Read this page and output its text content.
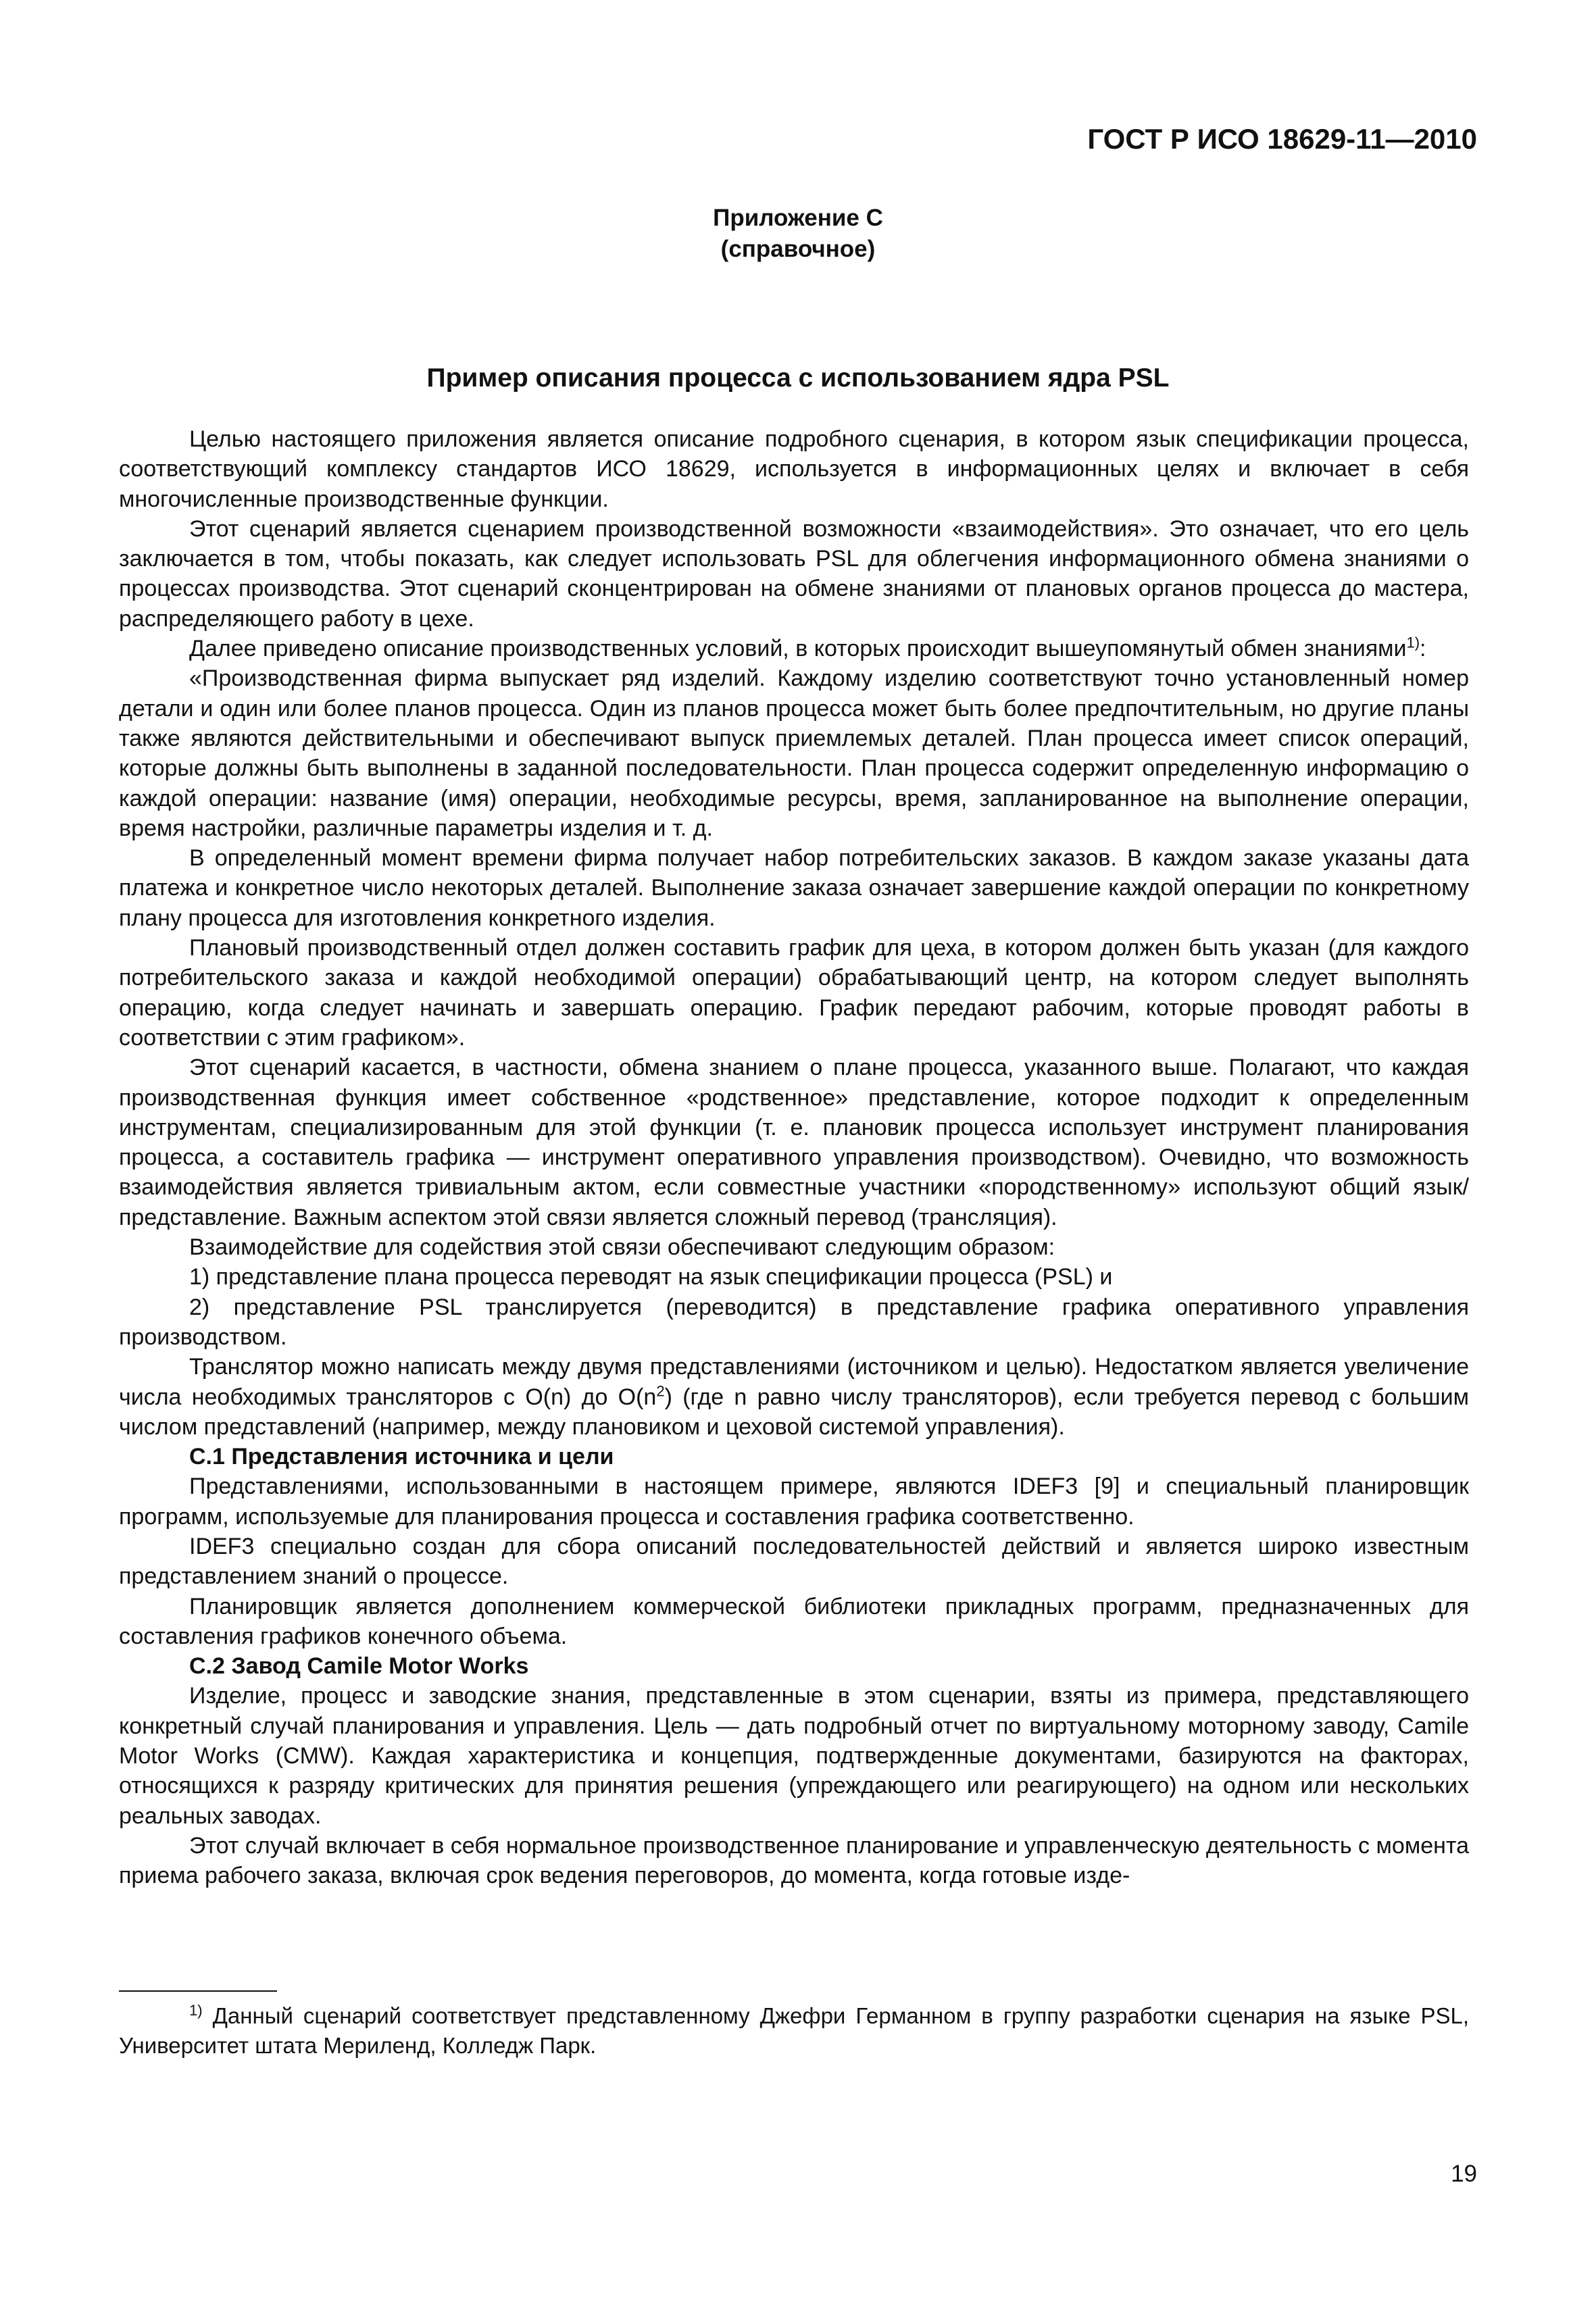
ГОСТ Р ИСО 18629-11—2010
Приложение С
(справочное)
Пример описания процесса с использованием ядра PSL

Целью настоящего приложения является описание подробного сценария, в котором язык спецификации процесса, соответствующий комплексу стандартов ИСО 18629, используется в информационных целях и включает в себя многочисленные производственные функции.

Этот сценарий является сценарием производственной возможности «взаимодействия». Это означает, что его цель заключается в том, чтобы показать, как следует использовать PSL для облегчения информационного обмена знаниями о процессах производства. Этот сценарий сконцентрирован на обмене знаниями от плановых органов процесса до мастера, распределяющего работу в цехе.

Далее приведено описание производственных условий, в которых происходит вышеупомянутый обмен знаниями$^{1)}$:

«Производственная фирма выпускает ряд изделий. Каждому изделию соответствуют точно установленный номер детали и один или более планов процесса. Один из планов процесса может быть более предпочтительным, но другие планы также являются действительными и обеспечивают выпуск приемлемых деталей. План процесса имеет список операций, которые должны быть выполнены в заданной последовательности. План процесса содержит определенную информацию о каждой операции: название (имя) операции, необходимые ресурсы, время, запланированное на выполнение операции, время настройки, различные параметры изделия и т. д.

В определенный момент времени фирма получает набор потребительских заказов. В каждом заказе указаны дата платежа и конкретное число некоторых деталей. Выполнение заказа означает завершение каждой операции по конкретному плану процесса для изготовления конкретного изделия.

Плановый производственный отдел должен составить график для цеха, в котором должен быть указан (для каждого потребительского заказа и каждой необходимой операции) обрабатывающий центр, на котором следует выполнять операцию, когда следует начинать и завершать операцию. График передают рабочим, которые проводят работы в соответствии с этим графиком».

Этот сценарий касается, в частности, обмена знанием о плане процесса, указанного выше. Полагают, что каждая производственная функция имеет собственное «родственное» представление, которое подходит к определенным инструментам, специализированным для этой функции (т. е. плановик процесса использует инструмент планирования процесса, а составитель графика — инструмент оперативного управления производством). Очевидно, что возможность взаимодействия является тривиальным актом, если совместные участники «породственному» используют общий язык/представление. Важным аспектом этой связи является сложный перевод (трансляция).

Взаимодействие для содействия этой связи обеспечивают следующим образом:

1) представление плана процесса переводят на язык спецификации процесса (PSL) и

2) представление PSL транслируется (переводится) в представление графика оперативного управления производством.

Транслятор можно написать между двумя представлениями (источником и целью). Недостатком является увеличение числа необходимых трансляторов с O(n) до $O(n^2)$ (где n равно числу трансляторов), если требуется перевод с большим числом представлений (например, между плановиком и цеховой системой управления).

С.1 Представления источника и цели

Представлениями, использованными в настоящем примере, являются IDEF3 [9] и специальный планировщик программ, используемые для планирования процесса и составления графика соответственно.

IDEF3 специально создан для сбора описаний последовательностей действий и является широко известным представлением знаний о процессе.

Планировщик является дополнением коммерческой библиотеки прикладных программ, предназначенных для составления графиков конечного объема.

С.2 Завод Camile Motor Works

Изделие, процесс и заводские знания, представленные в этом сценарии, взяты из примера, представляющего конкретный случай планирования и управления. Цель — дать подробный отчет по виртуальному моторному заводу, Camile Motor Works (CMW). Каждая характеристика и концепция, подтвержденные документами, базируются на факторах, относящихся к разряду критических для принятия решения (упреждающего или реагирующего) на одном или нескольких реальных заводах.

Этот случай включает в себя нормальное производственное планирование и управленческую деятельность с момента приема рабочего заказа, включая срок ведения переговоров, до момента, когда готовые изде-

$^{1)}$ Данный сценарий соответствует представленному Джефри Германном в группу разработки сценария на языке PSL, Университет штата Мериленд, Колледж Парк.
19
